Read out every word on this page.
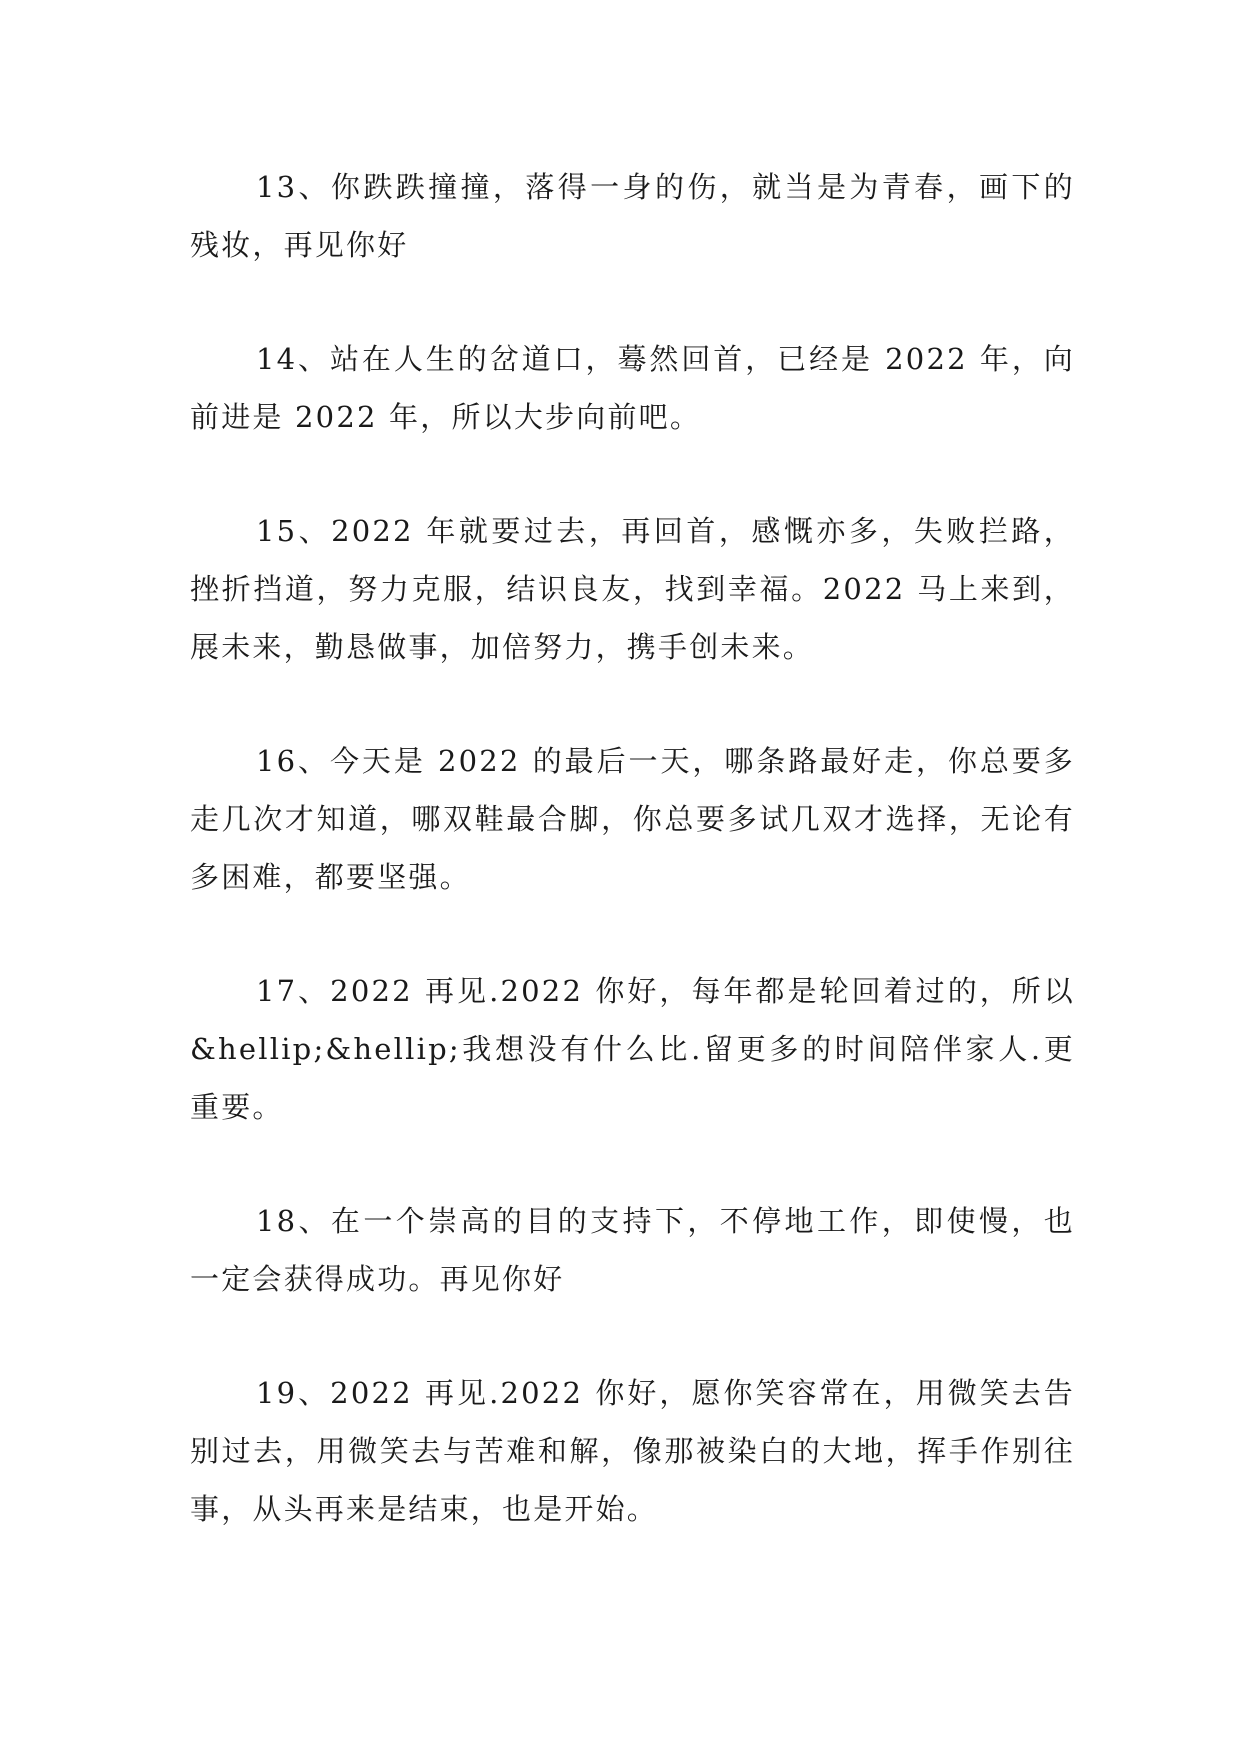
13、你跌跌撞撞，落得一身的伤，就当是为青春，画下的残妆，再见你好

14、站在人生的岔道口，蓦然回首，已经是 2022 年，向前进是 2022 年，所以大步向前吧。

15、2022 年就要过去，再回首，感慨亦多，失败拦路，挫折挡道，努力克服，结识良友，找到幸福。2022 马上来到，展未来，勤恳做事，加倍努力，携手创未来。

16、今天是 2022 的最后一天，哪条路最好走，你总要多走几次才知道，哪双鞋最合脚，你总要多试几双才选择，无论有多困难，都要坚强。

17、2022 再见.2022 你好，每年都是轮回着过的，所以&hellip;&hellip;我想没有什么比.留更多的时间陪伴家人.更重要。

18、在一个崇高的目的支持下，不停地工作，即使慢，也一定会获得成功。再见你好

19、2022 再见.2022 你好，愿你笑容常在，用微笑去告别过去，用微笑去与苦难和解，像那被染白的大地，挥手作别往事，从头再来是结束，也是开始。
